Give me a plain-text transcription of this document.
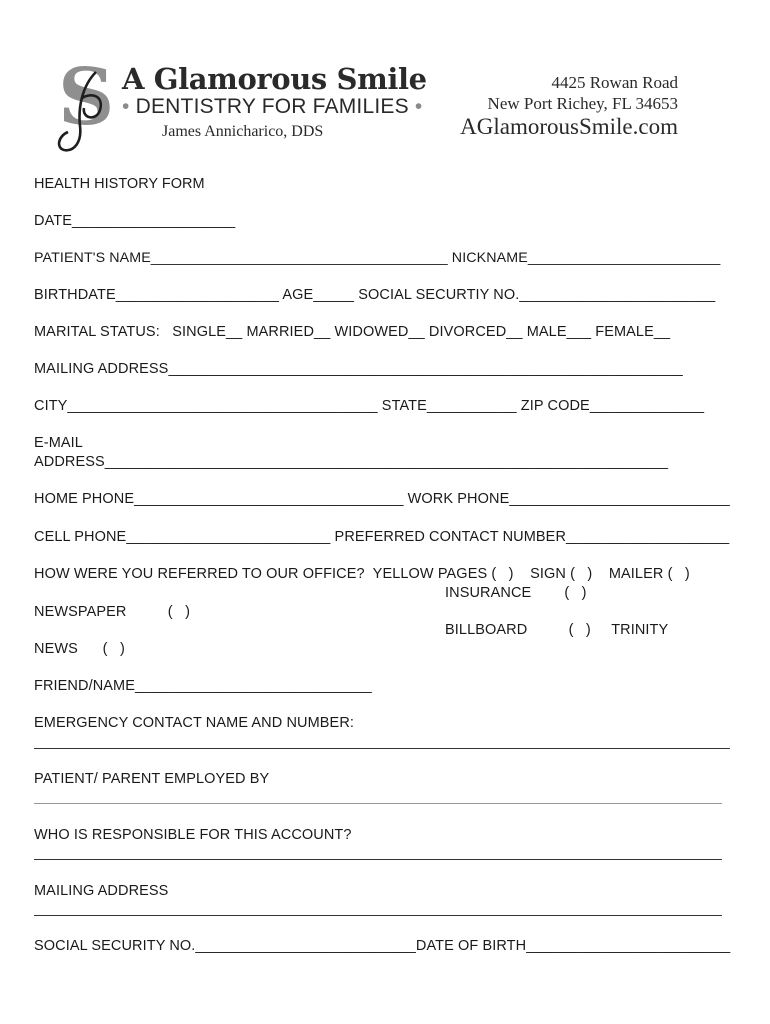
S A Glamorous Smile
• DENTISTRY FOR FAMILIES •
James Annicharico, DDS
4425 Rowan Road
New Port Richey, FL 34653
AGlamorousSmile.com
HEALTH HISTORY FORM
DATE____________________
PATIENT'S NAME_____________________________________ NICKNAME________________________
BIRTHDATE____________________ AGE_____ SOCIAL SECURTIY NO.________________________
MARITAL STATUS:   SINGLE__ MARRIED__ WIDOWED__ DIVORCED__ MALE___ FEMALE__
MAILING ADDRESS_______________________________________________________________
CITY______________________________________ STATE___________ ZIP CODE______________
E-MAIL
ADDRESS_____________________________________________________________________
HOME PHONE_________________________________ WORK PHONE___________________________
CELL PHONE_________________________ PREFERRED CONTACT NUMBER____________________
HOW WERE YOU REFERRED TO OUR OFFICE?  YELLOW PAGES (   )    SIGN (   )    MAILER (   )
INSURANCE        (   )
NEWSPAPER          (   )
BILLBOARD          (   )     TRINITY
NEWS      (   )
FRIEND/NAME_____________________________
EMERGENCY CONTACT NAME AND NUMBER:
PATIENT/ PARENT EMPLOYED BY
WHO IS RESPONSIBLE FOR THIS ACCOUNT?
MAILING ADDRESS
SOCIAL SECURITY NO.___________________________DATE OF BIRTH_________________________
